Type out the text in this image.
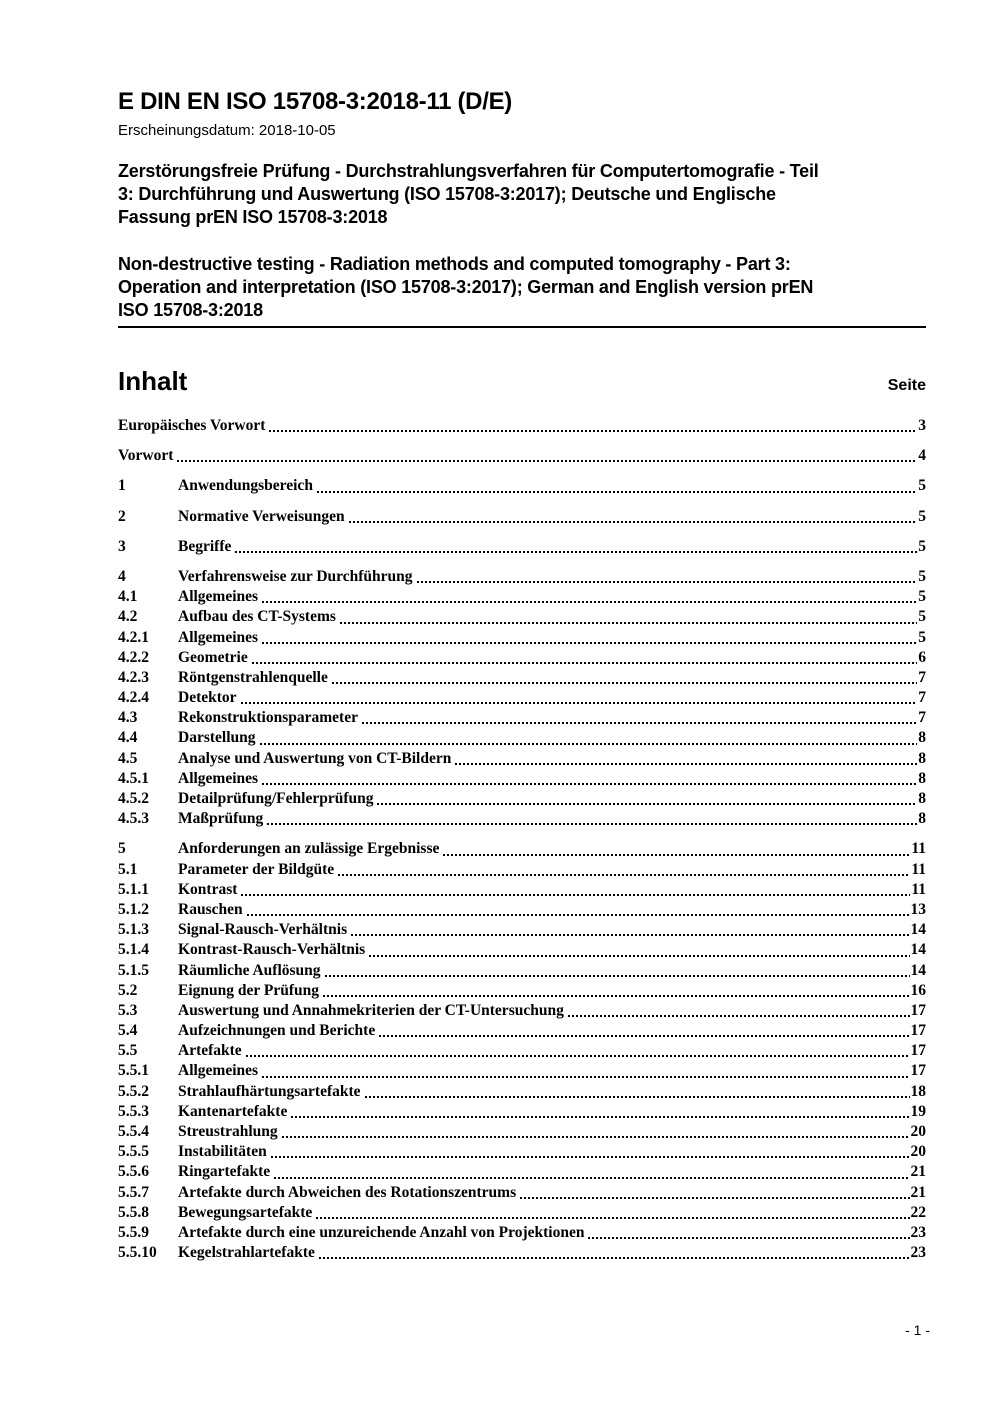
E DIN EN ISO 15708-3:2018-11 (D/E)
Erscheinungsdatum: 2018-10-05
Zerstörungsfreie Prüfung - Durchstrahlungsverfahren für Computertomografie - Teil
3: Durchführung und Auswertung (ISO 15708-3:2017); Deutsche und Englische
Fassung prEN ISO 15708-3:2018
Non-destructive testing - Radiation methods and computed tomography - Part 3:
Operation and interpretation (ISO 15708-3:2017); German and English version prEN
ISO 15708-3:2018
Inhalt	Seite
Europäisches Vorwort	3
Vorwort	4
1	Anwendungsbereich	5
2	Normative Verweisungen	5
3	Begriffe	5
4	Verfahrensweise zur Durchführung	5
4.1	Allgemeines	5
4.2	Aufbau des CT-Systems	5
4.2.1	Allgemeines	5
4.2.2	Geometrie	6
4.2.3	Röntgenstrahlenquelle	7
4.2.4	Detektor	7
4.3	Rekonstruktionsparameter	7
4.4	Darstellung	8
4.5	Analyse und Auswertung von CT-Bildern	8
4.5.1	Allgemeines	8
4.5.2	Detailprüfung/Fehlerprüfung	8
4.5.3	Maßprüfung	8
5	Anforderungen an zulässige Ergebnisse	11
5.1	Parameter der Bildgüte	11
5.1.1	Kontrast	11
5.1.2	Rauschen	13
5.1.3	Signal-Rausch-Verhältnis	14
5.1.4	Kontrast-Rausch-Verhältnis	14
5.1.5	Räumliche Auflösung	14
5.2	Eignung der Prüfung	16
5.3	Auswertung und Annahmekriterien der CT-Untersuchung	17
5.4	Aufzeichnungen und Berichte	17
5.5	Artefakte	17
5.5.1	Allgemeines	17
5.5.2	Strahlaufhärtungsartefakte	18
5.5.3	Kantenartefakte	19
5.5.4	Streustrahlung	20
5.5.5	Instabilitäten	20
5.5.6	Ringartefakte	21
5.5.7	Artefakte durch Abweichen des Rotationszentrums	21
5.5.8	Bewegungsartefakte	22
5.5.9	Artefakte durch eine unzureichende Anzahl von Projektionen	23
5.5.10	Kegelstrahlartefakte	23
- 1 -
